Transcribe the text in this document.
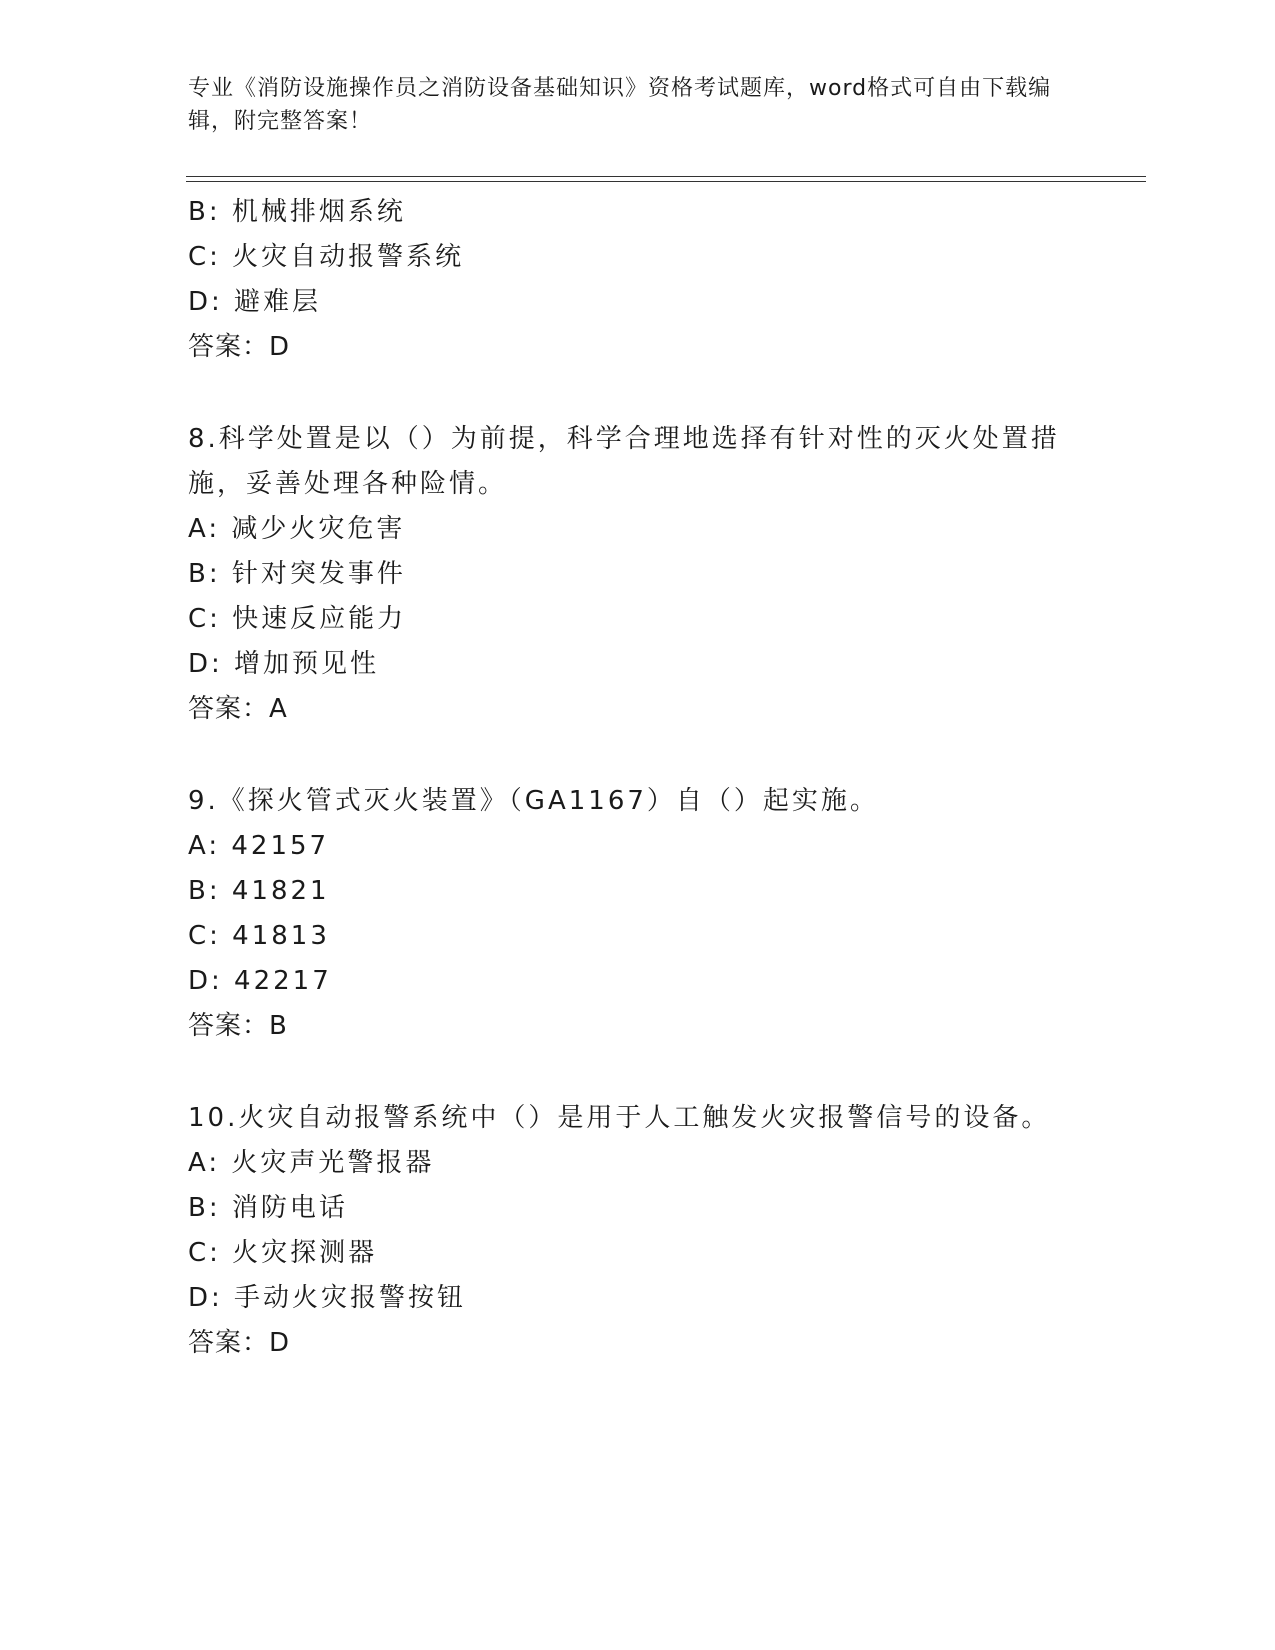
专业《消防设施操作员之消防设备基础知识》资格考试题库，word格式可自由下载编辑，附完整答案！
B: 机械排烟系统
C: 火灾自动报警系统
D: 避难层
答案：D
8.科学处置是以（）为前提，科学合理地选择有针对性的灭火处置措施，妥善处理各种险情。
A: 减少火灾危害
B: 针对突发事件
C: 快速反应能力
D: 增加预见性
答案：A
9.《探火管式灭火装置》（GA1167）自（）起实施。
A: 42157
B: 41821
C: 41813
D: 42217
答案：B
10.火灾自动报警系统中（）是用于人工触发火灾报警信号的设备。
A: 火灾声光警报器
B: 消防电话
C: 火灾探测器
D: 手动火灾报警按钮
答案：D
